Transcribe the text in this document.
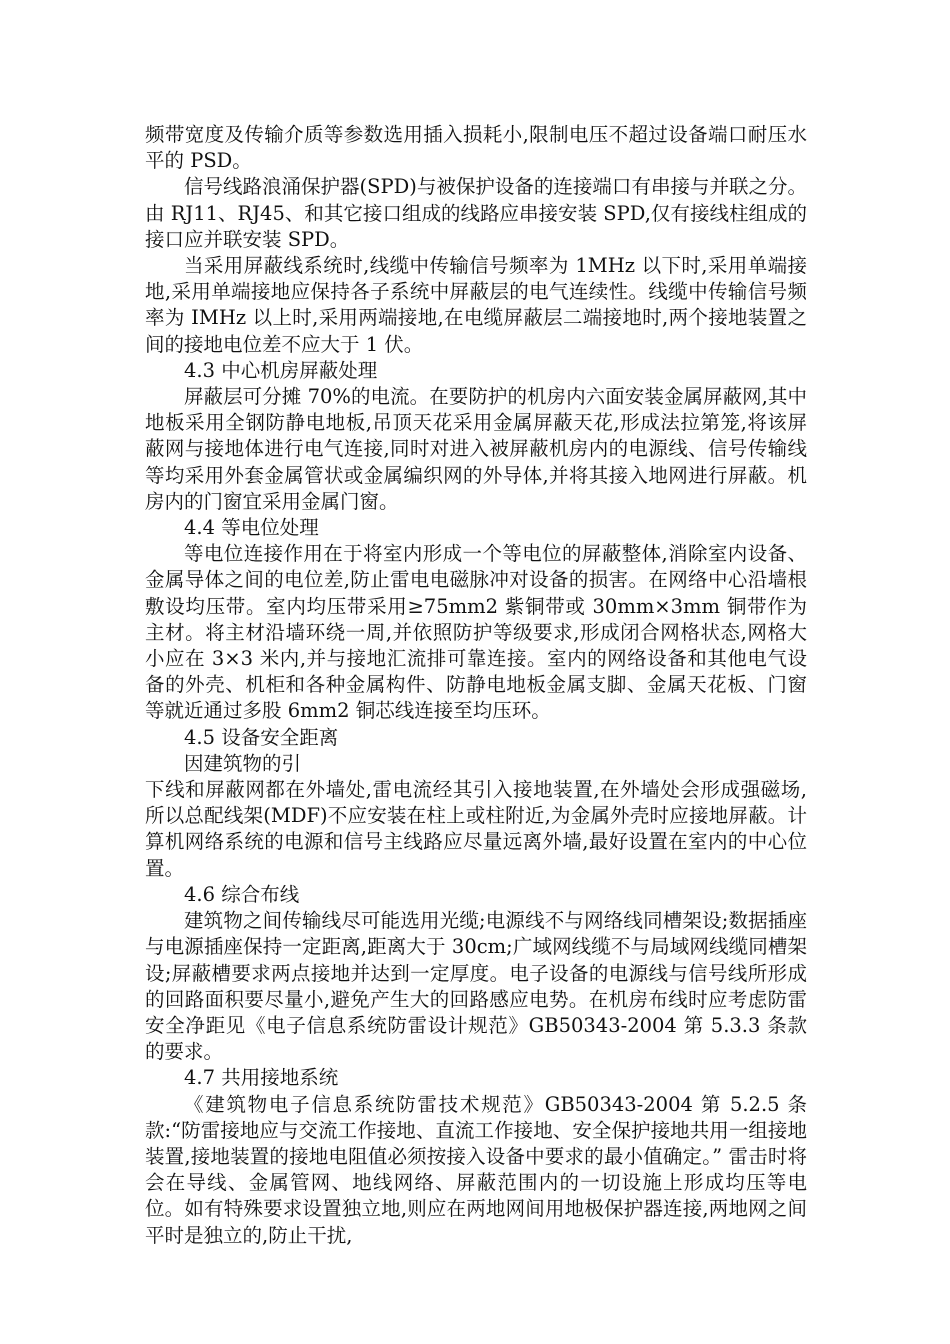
频带宽度及传输介质等参数选用插入损耗小,限制电压不超过设备端口耐压水平的 PSD。

信号线路浪涌保护器(SPD)与被保护设备的连接端口有串接与并联之分。由 RJ11、RJ45、和其它接口组成的线路应串接安装 SPD,仅有接线柱组成的接口应并联安装 SPD。

当采用屏蔽线系统时,线缆中传输信号频率为 1MHz 以下时,采用单端接地,采用单端接地应保持各子系统中屏蔽层的电气连续性。线缆中传输信号频率为 IMHz 以上时,采用两端接地,在电缆屏蔽层二端接地时,两个接地装置之间的接地电位差不应大于 1 伏。

4.3 中心机房屏蔽处理

屏蔽层可分摊 70%的电流。在要防护的机房内六面安装金属屏蔽网,其中地板采用全钢防静电地板,吊顶天花采用金属屏蔽天花,形成法拉第笼,将该屏蔽网与接地体进行电气连接,同时对进入被屏蔽机房内的电源线、信号传输线等均采用外套金属管状或金属编织网的外导体,并将其接入地网进行屏蔽。机房内的门窗宜采用金属门窗。

4.4 等电位处理

等电位连接作用在于将室内形成一个等电位的屏蔽整体,消除室内设备、金属导体之间的电位差,防止雷电电磁脉冲对设备的损害。在网络中心沿墙根敷设均压带。室内均压带采用≥75mm2 紫铜带或 30mm×3mm 铜带作为主材。将主材沿墙环绕一周,并依照防护等级要求,形成闭合网格状态,网格大小应在 3×3 米内,并与接地汇流排可靠连接。室内的网络设备和其他电气设备的外壳、机柜和各种金属构件、防静电地板金属支脚、金属天花板、门窗等就近通过多股 6mm2 铜芯线连接至均压环。

4.5 设备安全距离

因建筑物的引

下线和屏蔽网都在外墙处,雷电流经其引入接地装置,在外墙处会形成强磁场,所以总配线架(MDF)不应安装在柱上或柱附近,为金属外壳时应接地屏蔽。计算机网络系统的电源和信号主线路应尽量远离外墙,最好设置在室内的中心位置。

4.6 综合布线

建筑物之间传输线尽可能选用光缆;电源线不与网络线同槽架设;数据插座与电源插座保持一定距离,距离大于 30cm;广域网线缆不与局域网线缆同槽架设;屏蔽槽要求两点接地并达到一定厚度。电子设备的电源线与信号线所形成的回路面积要尽量小,避免产生大的回路感应电势。在机房布线时应考虑防雷安全净距见《电子信息系统防雷设计规范》GB50343-2004 第 5.3.3 条款的要求。

4.7 共用接地系统

《建筑物电子信息系统防雷技术规范》GB50343-2004 第 5.2.5 条款:“防雷接地应与交流工作接地、直流工作接地、安全保护接地共用一组接地装置,接地装置的接地电阻值必须按接入设备中要求的最小值确定。” 雷击时将会在导线、金属管网、地线网络、屏蔽范围内的一切设施上形成均压等电位。如有特殊要求设置独立地,则应在两地网间用地极保护器连接,两地网之间平时是独立的,防止干扰,
